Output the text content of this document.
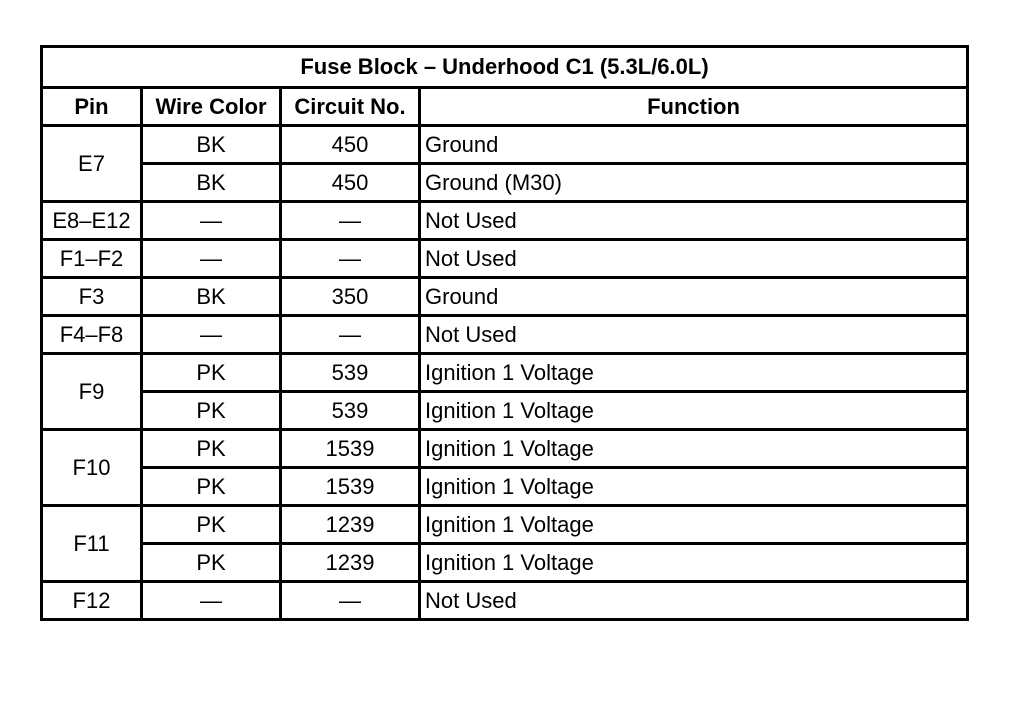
Fuse Block – Underhood C1 (5.3L/6.0L)			
Pin	Wire Color	Circuit No.	Function
E7	BK	450	Ground
	BK	450	Ground (M30)
E8–E12	—	—	Not Used
F1–F2	—	—	Not Used
F3	BK	350	Ground
F4–F8	—	—	Not Used
F9	PK	539	Ignition 1 Voltage
	PK	539	Ignition 1 Voltage
F10	PK	1539	Ignition 1 Voltage
	PK	1539	Ignition 1 Voltage
F11	PK	1239	Ignition 1 Voltage
	PK	1239	Ignition 1 Voltage
F12	—	—	Not Used
